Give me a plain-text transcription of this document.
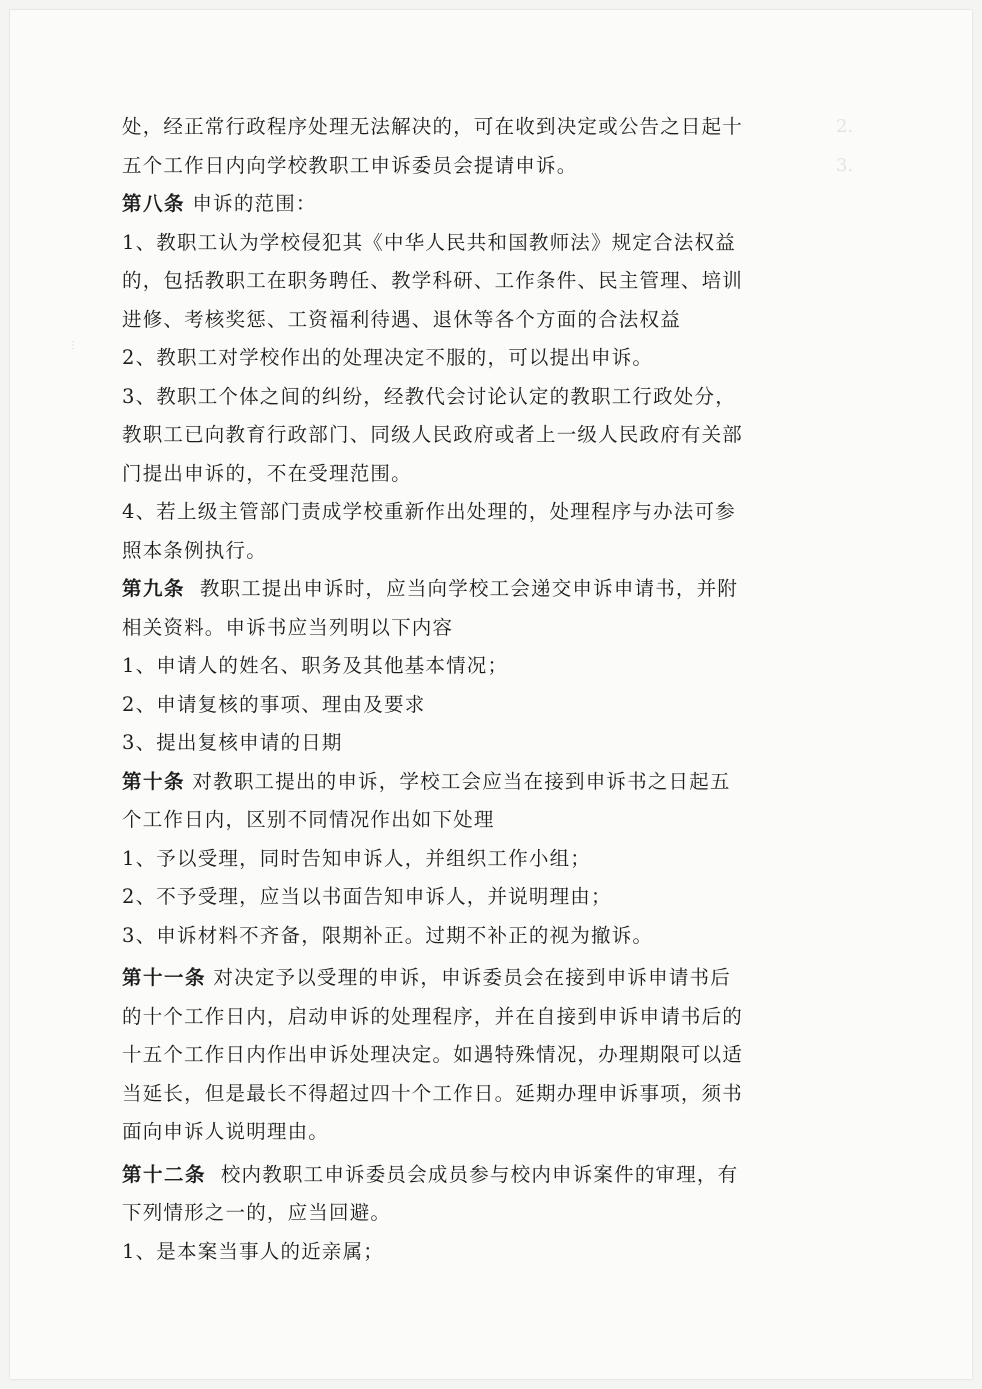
⋮
2.
3.
处，经正常行政程序处理无法解决的，可在收到决定或公告之日起十
五个工作日内向学校教职工申诉委员会提请申诉。
第八条 申诉的范围：
1、教职工认为学校侵犯其《中华人民共和国教师法》规定合法权益
的，包括教职工在职务聘任、教学科研、工作条件、民主管理、培训
进修、考核奖惩、工资福利待遇、退休等各个方面的合法权益
2、教职工对学校作出的处理决定不服的，可以提出申诉。
3、教职工个体之间的纠纷，经教代会讨论认定的教职工行政处分，
教职工已向教育行政部门、同级人民政府或者上一级人民政府有关部
门提出申诉的，不在受理范围。
4、若上级主管部门责成学校重新作出处理的，处理程序与办法可参
照本条例执行。
第九条 教职工提出申诉时，应当向学校工会递交申诉申请书，并附
相关资料。申诉书应当列明以下内容
1、申请人的姓名、职务及其他基本情况；
2、申请复核的事项、理由及要求
3、提出复核申请的日期
第十条 对教职工提出的申诉，学校工会应当在接到申诉书之日起五
个工作日内，区别不同情况作出如下处理
1、予以受理，同时告知申诉人，并组织工作小组；
2、不予受理，应当以书面告知申诉人，并说明理由；
3、申诉材料不齐备，限期补正。过期不补正的视为撤诉。
第十一条 对决定予以受理的申诉，申诉委员会在接到申诉申请书后
的十个工作日内，启动申诉的处理程序，并在自接到申诉申请书后的
十五个工作日内作出申诉处理决定。如遇特殊情况，办理期限可以适
当延长，但是最长不得超过四十个工作日。延期办理申诉事项，须书
面向申诉人说明理由。
第十二条 校内教职工申诉委员会成员参与校内申诉案件的审理，有
下列情形之一的，应当回避。
1、是本案当事人的近亲属；
